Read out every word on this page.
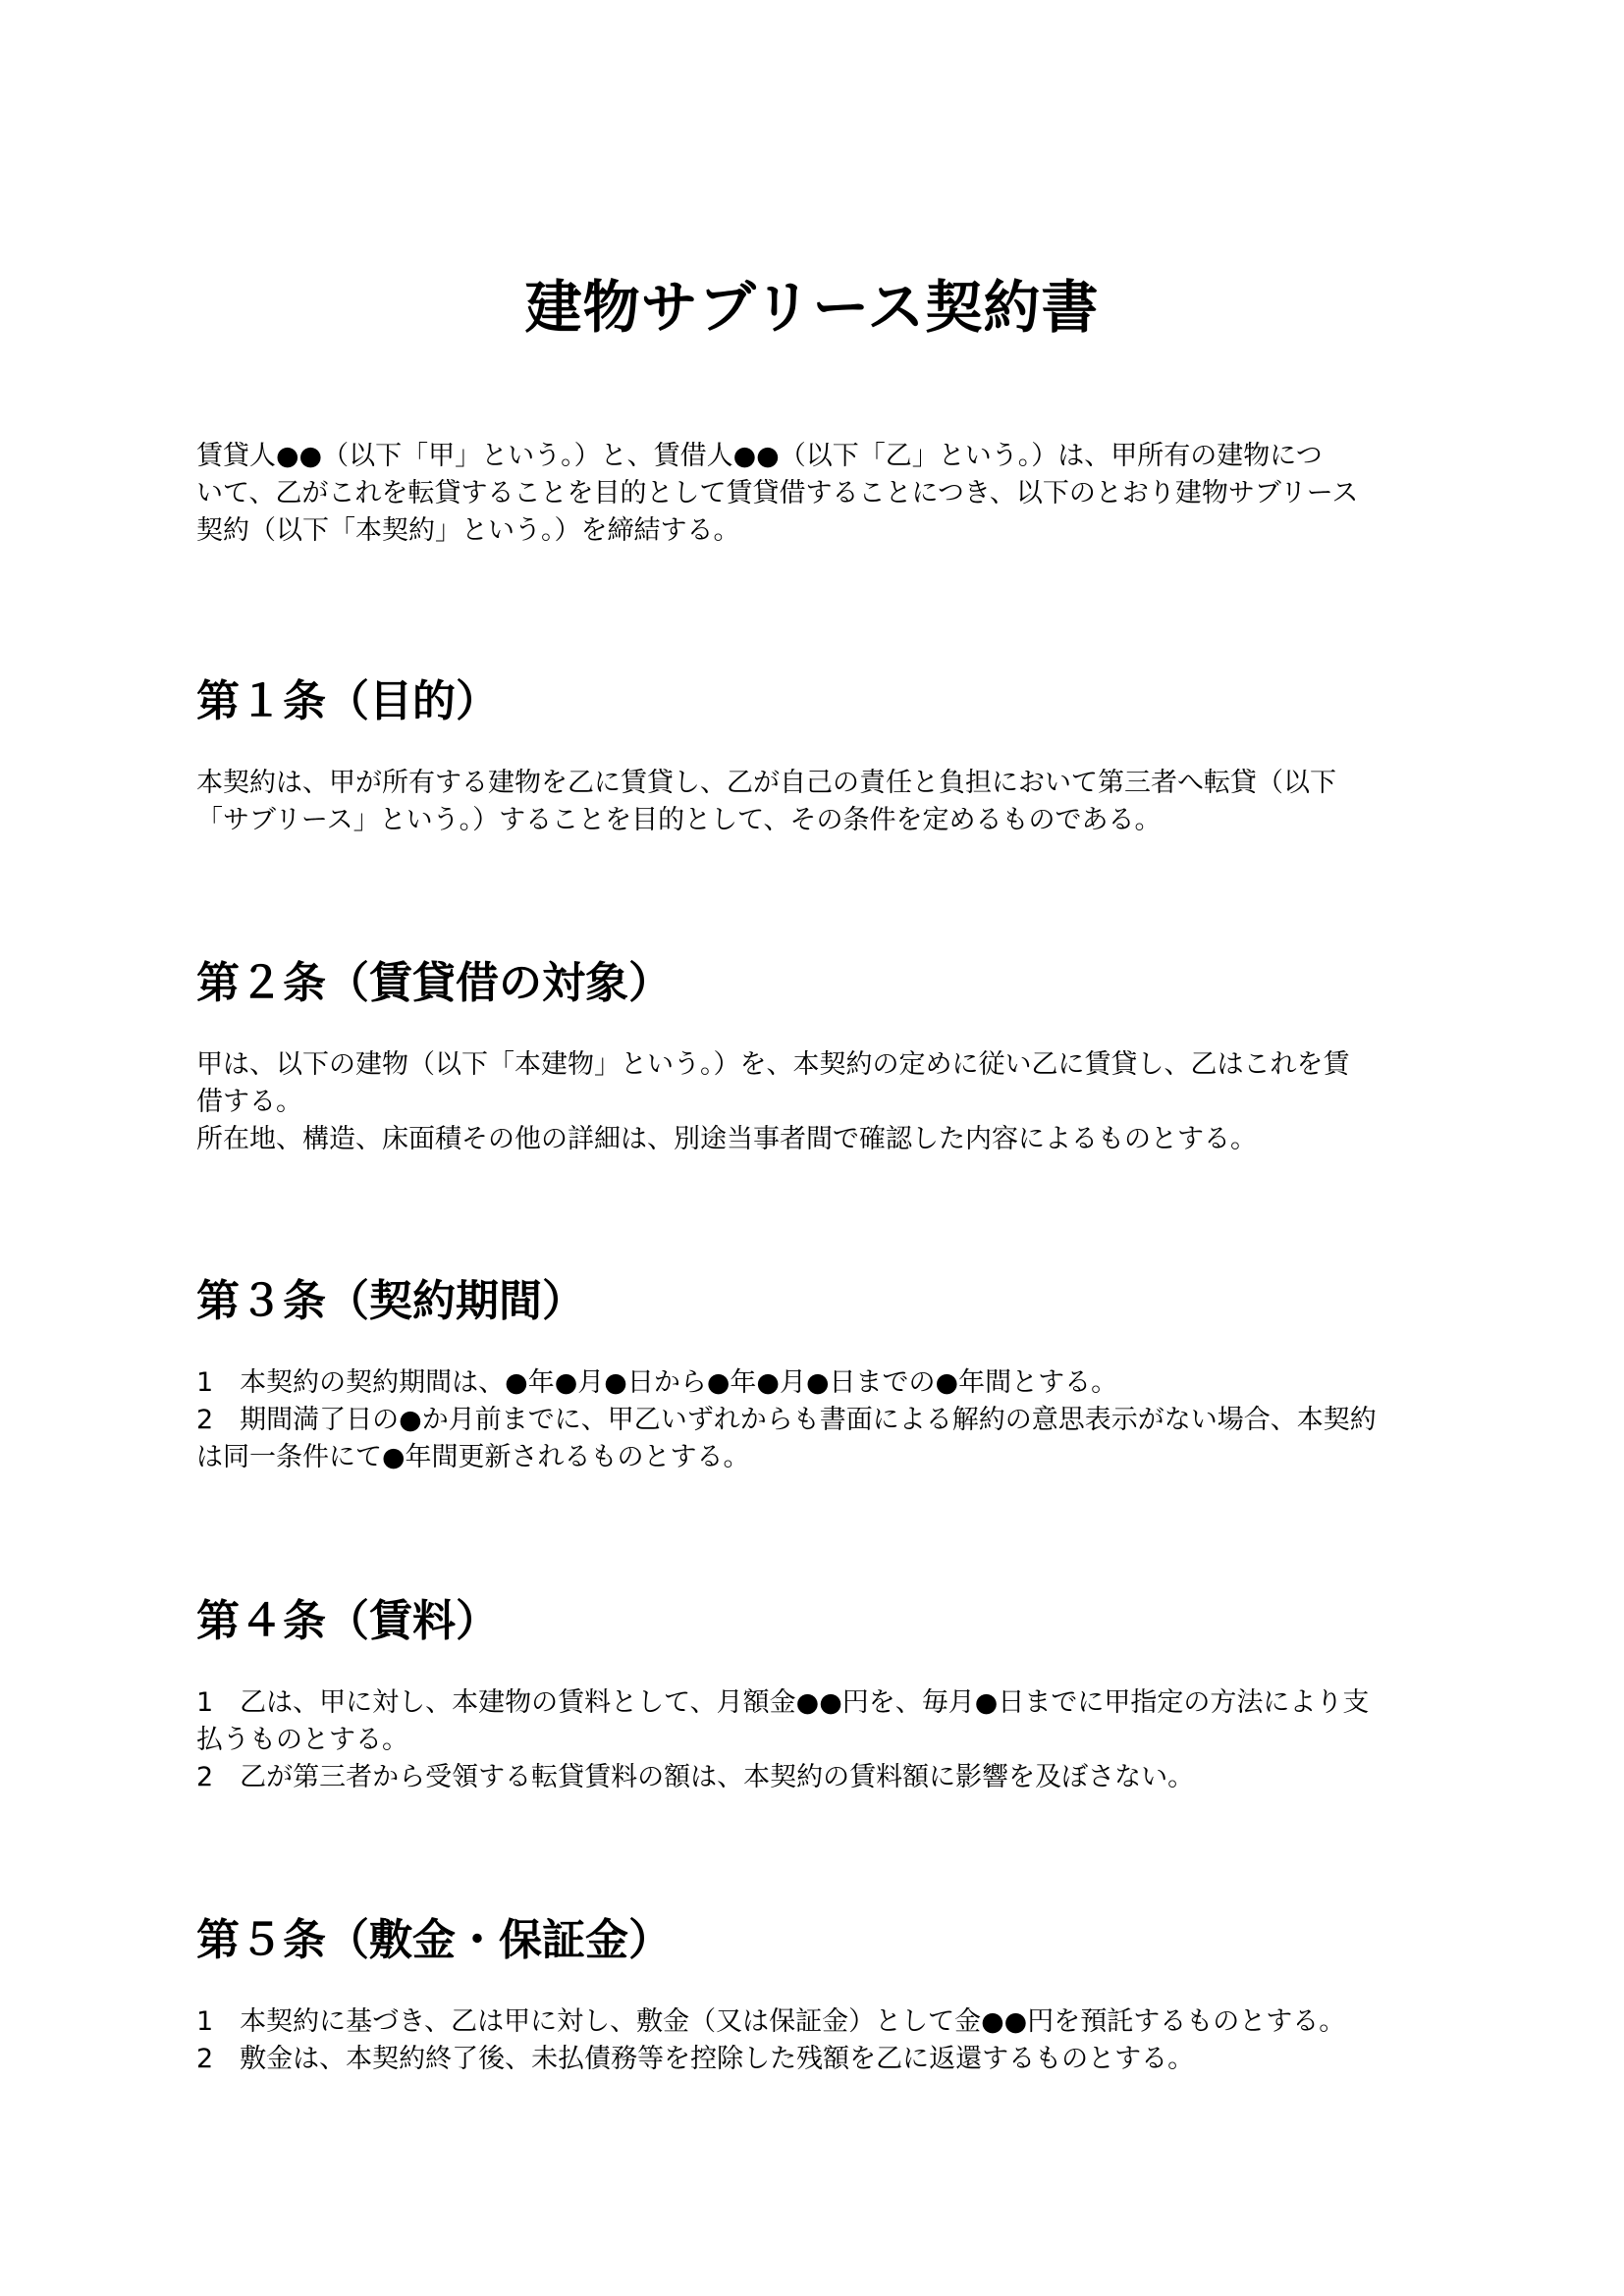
建物サブリース契約書
賃貸人●●（以下「甲」という。）と、賃借人●●（以下「乙」という。）は、甲所有の建物につ
いて、乙がこれを転貸することを目的として賃貸借することにつき、以下のとおり建物サブリース
契約（以下「本契約」という。）を締結する。
第１条（目的）
本契約は、甲が所有する建物を乙に賃貸し、乙が自己の責任と負担において第三者へ転貸（以下
「サブリース」という。）することを目的として、その条件を定めるものである。
第２条（賃貸借の対象）
甲は、以下の建物（以下「本建物」という。）を、本契約の定めに従い乙に賃貸し、乙はこれを賃
借する。
所在地、構造、床面積その他の詳細は、別途当事者間で確認した内容によるものとする。
第３条（契約期間）
1　本契約の契約期間は、●年●月●日から●年●月●日までの●年間とする。
2　期間満了日の●か月前までに、甲乙いずれからも書面による解約の意思表示がない場合、本契約
は同一条件にて●年間更新されるものとする。
第４条（賃料）
1　乙は、甲に対し、本建物の賃料として、月額金●●円を、毎月●日までに甲指定の方法により支
払うものとする。
2　乙が第三者から受領する転貸賃料の額は、本契約の賃料額に影響を及ぼさない。
第５条（敷金・保証金）
1　本契約に基づき、乙は甲に対し、敷金（又は保証金）として金●●円を預託するものとする。
2　敷金は、本契約終了後、未払債務等を控除した残額を乙に返還するものとする。
